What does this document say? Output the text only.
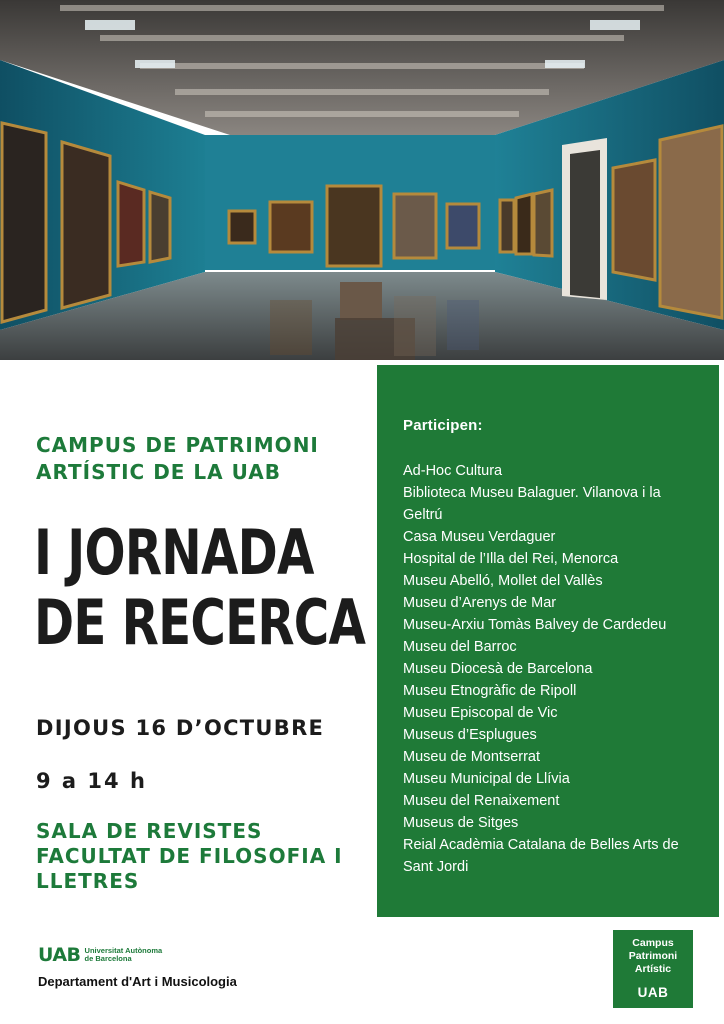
CAMPUS DE PATRIMONI
ARTÍSTIC DE LA UAB
I JORNADA
DE RECERCA
DIJOUS 16 D’OCTUBRE
9 a 14 h
SALA DE REVISTES
FACULTAT DE FILOSOFIA I
LLETRES
Participen:
Ad-Hoc Cultura
Biblioteca Museu Balaguer. Vilanova i la Geltrú
Casa Museu Verdaguer
Hospital de l’Illa del Rei, Menorca
Museu Abelló, Mollet del Vallès
Museu d’Arenys de Mar
Museu-Arxiu Tomàs Balvey de Cardedeu
Museu del Barroc
Museu Diocesà de Barcelona
Museu Etnogràfic de Ripoll
Museu Episcopal de Vic
Museus d’Esplugues
Museu de Montserrat
Museu Municipal de Llívia
Museu del Renaixement
Museus de Sitges
Reial Acadèmia Catalana de Belles Arts de Sant Jordi
UAB Universitat Autònoma
de Barcelona
Departament d'Art i Musicologia
Campus
Patrimoni
Artístic
UAB
